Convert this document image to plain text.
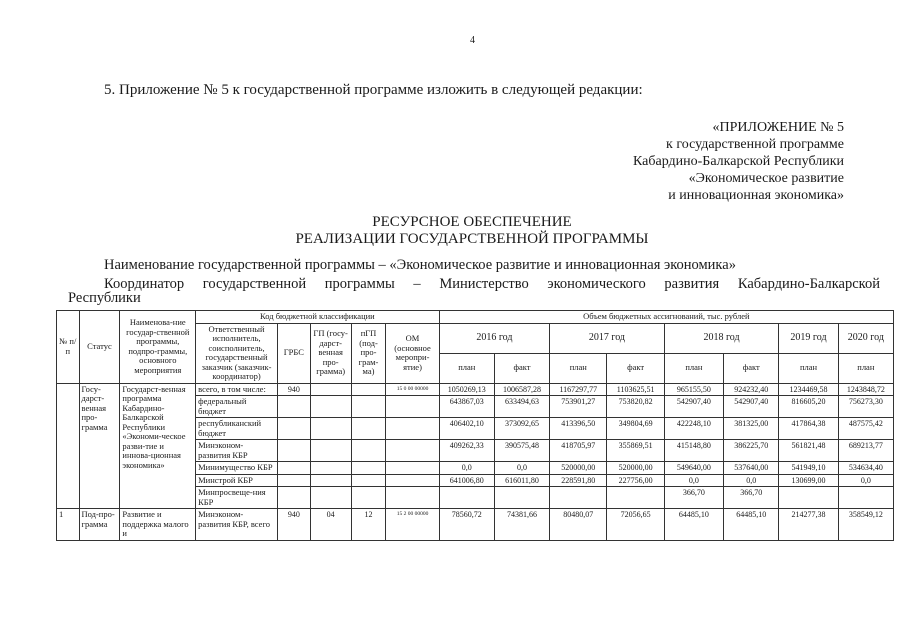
4
5. Приложение № 5 к государственной программе изложить в следующей редакции:
«ПРИЛОЖЕНИЕ № 5
к государственной программе
Кабардино-Балкарской Республики
«Экономическое развитие
и инновационная экономика»
РЕСУРСНОЕ ОБЕСПЕЧЕНИЕ
РЕАЛИЗАЦИИ ГОСУДАРСТВЕННОЙ ПРОГРАММЫ
Наименование государственной программы – «Экономическое развитие и инновационная экономика»
Координатор государственной программы – Министерство экономического развития Кабардино-Балкарской
Республики
№ п/п	Статус	Наименова-ние государ-ственной программы, подпро-граммы, основного мероприятия	Код бюджетной классификации					Объем бюджетных ассигнований, тыс. рублей							
			Ответственный исполнитель, соисполнитель, государственный заказчик (заказчик-координатор)	ГРБС	ГП (госу-дарст-венная про-грамма)	пГП (под-про-грам-ма)	ОМ (основное меропри-ятие)	2016 год		2017 год		2018 год		2019 год	2020 год
								план	факт	план	факт	план	факт	план	план
	Госу-дарст-венная про-грамма	Государст-венная программа Кабардино-Балкарской Республики «Экономи-ческое разви-тие и иннова-ционная экономика»	всего, в том числе:	940			15 0 00 00000	1050269,13	1006587,28	1167297,77	1103625,51	965155,50	924232,40	1234469,58	1243848,72
			федеральный бюджет					643867,03	633494,63	753901,27	753820,82	542907,40	542907,40	816605,20	756273,30
			республиканский бюджет					406402,10	373092,65	413396,50	349804,69	422248,10	381325,00	417864,38	487575,42
			Минэконом-развития КБР					409262,33	390575,48	418705,97	355869,51	415148,80	386225,70	561821,48	689213,77
			Минимущество КБР					0,0	0,0	520000,00	520000,00	549640,00	537640,00	541949,10	534634,40
			Минстрой КБР					641006,80	616011,80	228591,80	227756,00	0,0	0,0	130699,00	0,0
			Минпросвеще-ния КБР									366,70	366,70		
1	Под-про-грамма	Развитие и поддержка малого и	Минэконом-развития КБР, всего	940	04	12	15 2 00 00000	78560,72	74381,66	80480,07	72056,65	64485,10	64485,10	214277,38	358549,12
